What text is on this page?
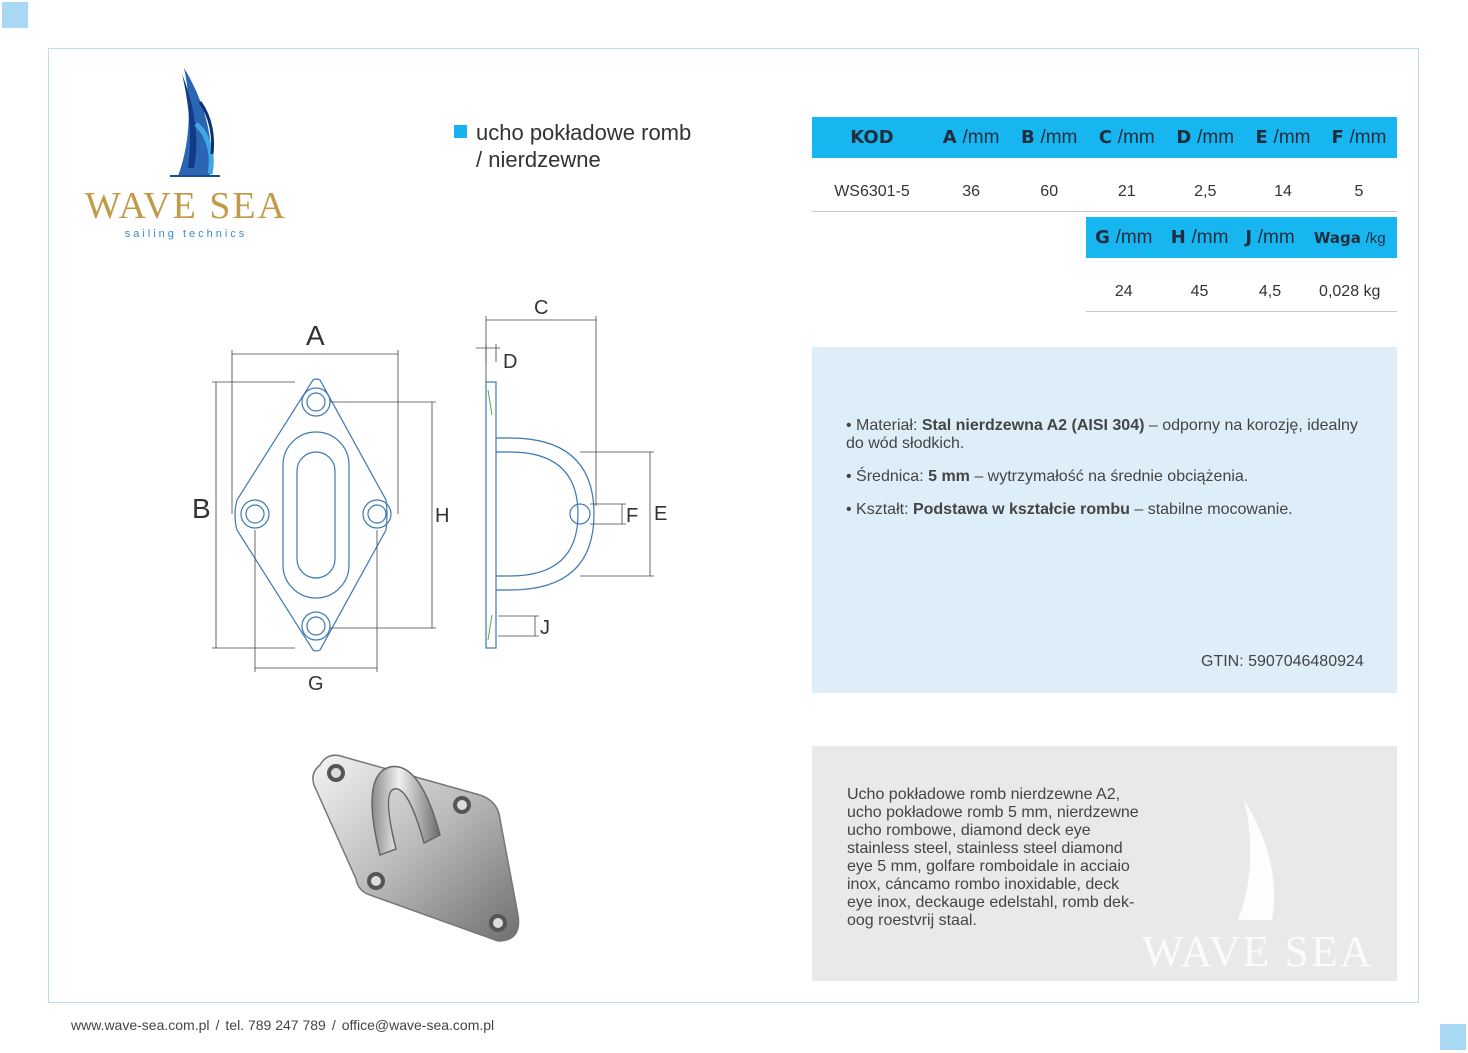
WAVE SEA
sailing technics
ucho pokładowe romb
/ nierdzewne
KOD	A /mm	B /mm	C /mm	D /mm	E /mm	F /mm

WS6301-5	36	60	21	2,5	14	5
G /mm	H /mm	J /mm	Waga /kg

24	45	4,5	0,028 kg
A
B
C
D
E
F
G
H
J
• Materiał: Stal nierdzewna A2 (AISI 304) – odporny na korozję, idealny do wód słodkich.
• Średnica: 5 mm – wytrzymałość na średnie obciążenia.
• Kształt: Podstawa w kształcie rombu – stabilne mocowanie.
GTIN: 5907046480924
Ucho pokładowe romb nierdzewne A2, ucho pokładowe romb 5 mm, nierdzewne ucho rombowe, diamond deck eye stainless steel, stainless steel diamond eye 5 mm, golfare romboidale in acciaio inox, cáncamo rombo inoxidable, deck eye inox, deckauge edelstahl, romb dek-oog roestvrij staal.
WAVE SEA
www.wave-sea.com.pl / tel. 789 247 789 / office@wave-sea.com.pl
